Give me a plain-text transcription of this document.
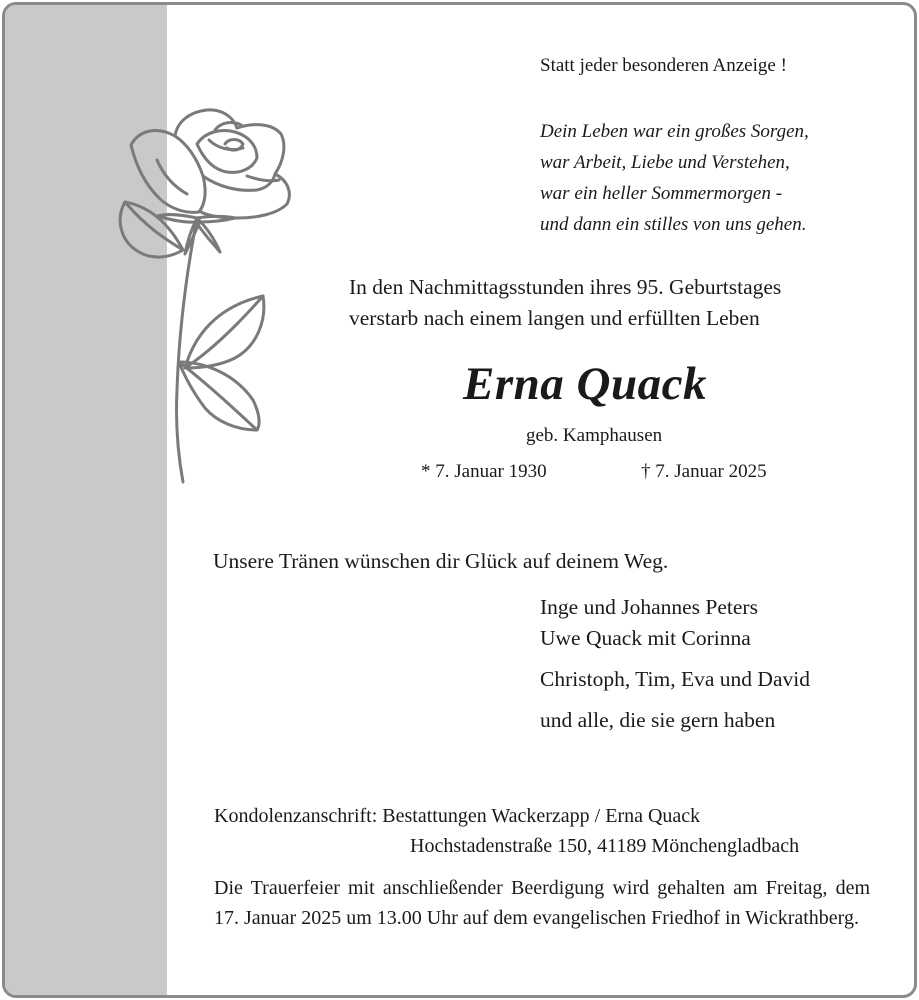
Statt jeder besonderen Anzeige !
Dein Leben war ein großes Sorgen,
war Arbeit, Liebe und Verstehen,
war ein heller Sommermorgen -
und dann ein stilles von uns gehen.
In den Nachmittagsstunden ihres 95. Geburtstages
verstarb nach einem langen und erfüllten Leben
Erna Quack
geb. Kamphausen
* 7. Januar 1930	† 7. Januar 2025
Unsere Tränen wünschen dir Glück auf deinem Weg.
Inge und Johannes Peters
Uwe Quack mit Corinna
Christoph, Tim, Eva und David
und alle, die sie gern haben
Kondolenzanschrift: Bestattungen Wackerzapp / Erna Quack
Hochstadenstraße 150, 41189 Mönchengladbach
Die Trauerfeier mit anschließender Beerdigung wird gehalten am Freitag, dem 17. Januar 2025 um 13.00 Uhr auf dem evangelischen Friedhof in Wickrathberg.
